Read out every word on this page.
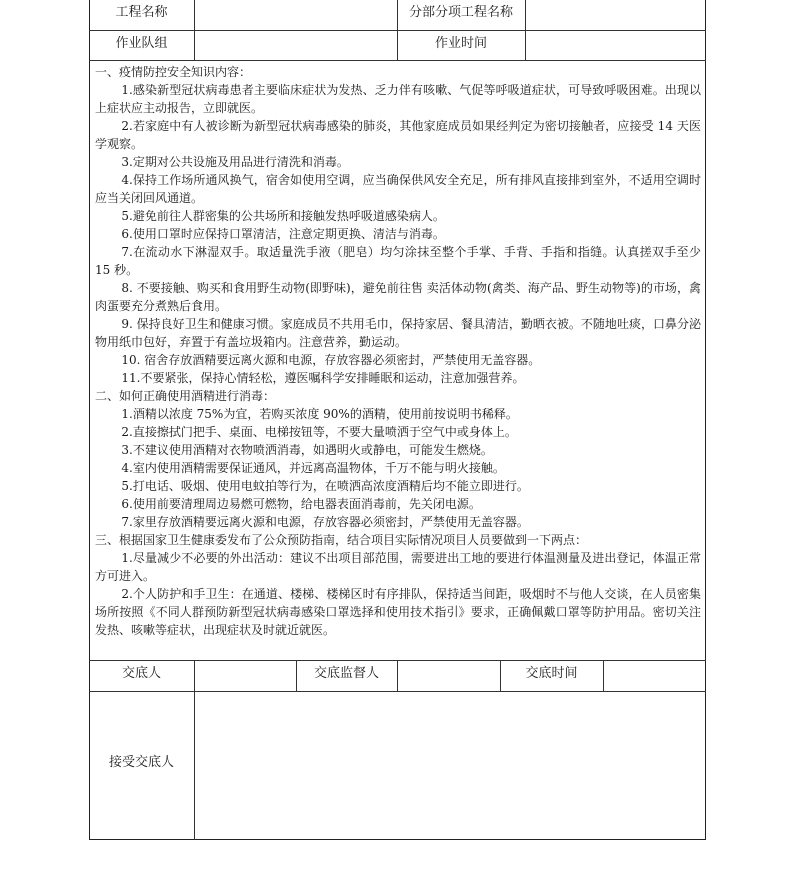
工程名称	分部分项工程名称
作业队组	作业时间

一、疫情防控安全知识内容：

1.感染新型冠状病毒患者主要临床症状为发热、乏力伴有咳嗽、气促等呼吸道症状，可导致呼吸困难。出现以上症状应主动报告，立即就医。

2.若家庭中有人被诊断为新型冠状病毒感染的肺炎，其他家庭成员如果经判定为密切接触者，应接受 14 天医学观察。

3.定期对公共设施及用品进行清洗和消毒。

4.保持工作场所通风换气，宿舍如使用空调，应当确保供风安全充足，所有排风直接排到室外，不适用空调时应当关闭回风通道。

5.避免前往人群密集的公共场所和接触发热呼吸道感染病人。

6.使用口罩时应保持口罩清洁，注意定期更换、清洁与消毒。

7.在流动水下淋湿双手。取适量洗手液（肥皂）均匀涂抹至整个手掌、手背、手指和指缝。认真搓双手至少 15 秒。

8. 不要接触、购买和食用野生动物(即野味)，避免前往售 卖活体动物(禽类、海产品、野生动物等)的市场，禽肉蛋要充分煮熟后食用。

9. 保持良好卫生和健康习惯。家庭成员不共用毛巾，保持家居、餐具清洁，勤晒衣被。不随地吐痰，口鼻分泌物用纸巾包好，弃置于有盖垃圾箱内。注意营养，勤运动。

10. 宿舍存放酒精要远离火源和电源，存放容器必须密封，严禁使用无盖容器。

11.不要紧张，保持心情轻松，遵医嘱科学安排睡眠和运动，注意加强营养。

二、如何正确使用酒精进行消毒：

1.酒精以浓度 75%为宜，若购买浓度 90%的酒精，使用前按说明书稀释。

2.直接擦拭门把手、桌面、电梯按钮等，不要大量喷洒于空气中或身体上。

3.不建议使用酒精对衣物喷洒消毒，如遇明火或静电，可能发生燃烧。

4.室内使用酒精需要保证通风，并远离高温物体，千万不能与明火接触。

5.打电话、吸烟、使用电蚊拍等行为，在喷洒高浓度酒精后均不能立即进行。

6.使用前要清理周边易燃可燃物，给电器表面消毒前，先关闭电源。

7.家里存放酒精要远离火源和电源，存放容器必须密封，严禁使用无盖容器。

三、根据国家卫生健康委发布了公众预防指南，结合项目实际情况项目人员要做到一下两点：

1.尽量减少不必要的外出活动：建议不出项目部范围，需要进出工地的要进行体温测量及进出登记，体温正常方可进入。

2.个人防护和手卫生：在通道、楼梯、楼梯区时有序排队，保持适当间距，吸烟时不与他人交谈，在人员密集场所按照《不同人群预防新型冠状病毒感染口罩选择和使用技术指引》要求，正确佩戴口罩等防护用品。密切关注发热、咳嗽等症状，出现症状及时就近就医。

交底人	交底监督人	交底时间
接受交底人
